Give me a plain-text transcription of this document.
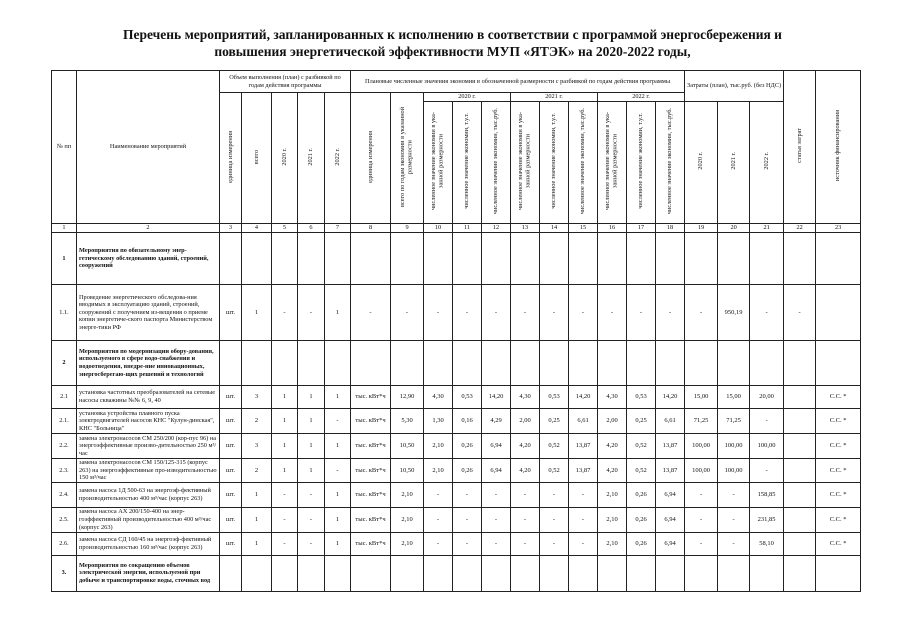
Перечень мероприятий, запланированных к исполнению в соответствии с программой энергосбережения и
повышения энергетической эффективности МУП «ЯТЭК» на 2020-2022 годы,
№ пп	Наименование мероприятий	Объем выполнения (план) с разбивкой по годам действия программы					Плановые численные значения экономии в обозначенной размерности с разбивкой по годам действия программы											Затраты (план), тыс.руб. (без НДС)			статья затрат	источник финансирования	
		единица измерения	всего	2020 г.	2021 г.	2022 г.	единица измерения	всего по годам экономии в указанной размерности	2020 г.			2021 г.			2022 г.								
									численное значение экономии в ука-занной размерности	численное значение экономии, т.у.т.	численное значение экономии, тыс.руб.	численное значение экономии в ука-занной размерности	численное значение экономии, т.у.т.	численное значение экономии, тыс.руб.	численное значение экономии в ука-занной размерности	численное значение экономии, т.у.т.	численное значение экономии, тыс.руб.	2020 г.	2021 г.	2022 г.			
1	2	3	4	5	6	7	8	9	10	11	12	13	14	15	16	17	18	19	20	21	22	23	
1	Мероприятия по обязательному энер-гетическому обследованию зданий, строений, сооружений																						
1.1.	Проведение энергетического обследова-ния вводимых в эксплуатацию зданий, строений, сооружений с получением из-вещения о приеме копии энергетиче-ского паспорта Министерством энерге-тики РФ	шт.	1	-	-	1	-	-	-	-	-	-	-	-	-	-	-	-	950,19	-	-		
2	Мероприятия по модернизации обору-дования, используемого в сфере водо-снабжения и водоотведения, внедре-ние инновационных, энергосберегаю-щих решений и технологий																						
2.1	установка частотных преобразователей на сетевые насосы скважины №№ 6, 9, 40	шт.	3	1	1	1	тыс. кВт*ч	12,90	4,30	0,53	14,20	4,30	0,53	14,20	4,30	0,53	14,20	15,00	15,00	20,00		С.С. *	
2.1.	установка устройства плавного пуска электродвигателей насосов КНС "Кулун-динская", КНС "Больница"	шт.	2	1	1	-	тыс. кВт*ч	5,30	1,30	0,16	4,29	2,00	0,25	6,61	2,00	0,25	6,61	71,25	71,25	-		С.С. *	
2.2.	замена электронасосов СМ 250/200 (кор-пус 96) на энергоэффективные произво-дительностью 250 м³/час	шт.	3	1	1	1	тыс. кВт*ч	10,50	2,10	0,26	6,94	4,20	0,52	13,87	4,20	0,52	13,87	100,00	100,00	100,00		С.С. *	
2.3.	замена электронасосов СМ 150/125-315 (корпус 263) на энергоэффективные про-изводительностью 150 м³/час	шт.	2	1	1	-	тыс. кВт*ч	10,50	2,10	0,26	6,94	4,20	0,52	13,87	4,20	0,52	13,87	100,00	100,00	-		С.С. *	
2.4.	замена насоса 1Д 500-63 на энергоэф-фективный производительностью 400 м³/час (корпус 263)	шт.	1	-	-	1	тыс. кВт*ч	2,10	-	-	-	-	-	-	2,10	0,26	6,94	-	-	158,85		С.С. *	
2.5.	замена насоса АХ 200/150-400 на энер-гоэффективный производительностью 400 м³/час (корпус 263)	шт.	1	-	-	1	тыс. кВт*ч	2,10	-	-	-	-	-	-	2,10	0,26	6,94	-	-	231,85		С.С. *	
2.6.	замена насоса СД 160/45 на энергоэф-фективный производительностью 160 м³/час (корпус 263)	шт.	1	-	-	1	тыс. кВт*ч	2,10	-	-	-	-	-	-	2,10	0,26	6,94	-	-	58,10		С.С. *	
3.	Мероприятия по сокращению объемов электрической энергии, используемой при добыче и транспортировке воды, сточных вод																						
